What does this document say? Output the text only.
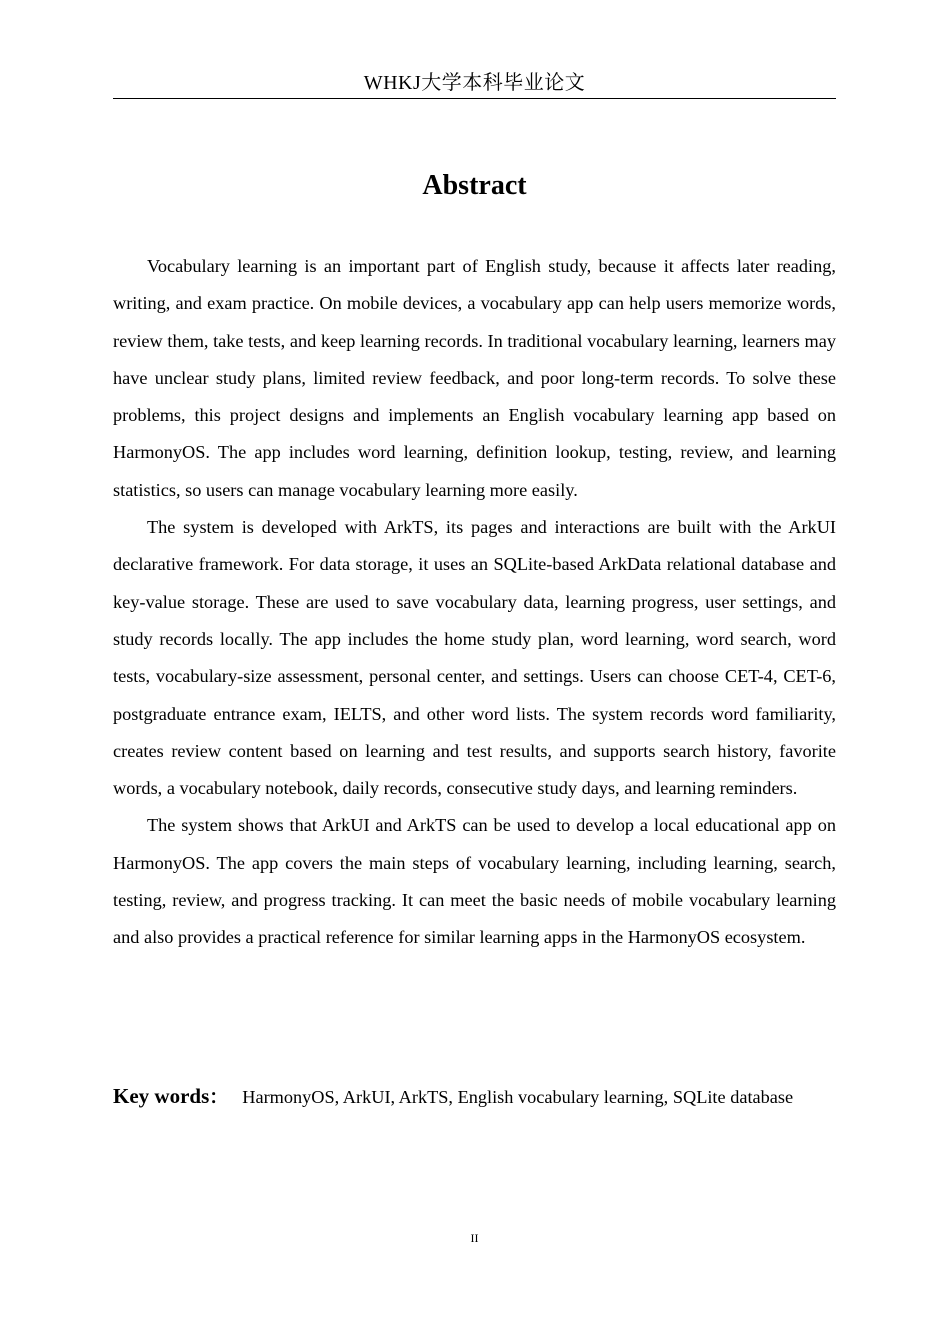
WHKJ大学本科毕业论文
Abstract

Vocabulary learning is an important part of English study, because it affects later reading, writing, and exam practice. On mobile devices, a vocabulary app can help users memorize words, review them, take tests, and keep learning records. In traditional vocabulary learning, learners may have unclear study plans, limited review feedback, and poor long-term records. To solve these problems, this project designs and implements an English vocabulary learning app based on HarmonyOS. The app includes word learning, definition lookup, testing, review, and learning statistics, so users can manage vocabulary learning more easily.

The system is developed with ArkTS, its pages and interactions are built with the ArkUI declarative framework. For data storage, it uses an SQLite-based ArkData relational database and key-value storage. These are used to save vocabulary data, learning progress, user settings, and study records locally. The app includes the home study plan, word learning, word search, word tests, vocabulary-size assessment, personal center, and settings. Users can choose CET-4, CET-6, postgraduate entrance exam, IELTS, and other word lists. The system records word familiarity, creates review content based on learning and test results, and supports search history, favorite words, a vocabulary notebook, daily records, consecutive study days, and learning reminders.

The system shows that ArkUI and ArkTS can be used to develop a local educational app on HarmonyOS. The app covers the main steps of vocabulary learning, including learning, search, testing, review, and progress tracking. It can meet the basic needs of mobile vocabulary learning and also provides a practical reference for similar learning apps in the HarmonyOS ecosystem.

Key words： HarmonyOS, ArkUI, ArkTS, English vocabulary learning, SQLite database
II
